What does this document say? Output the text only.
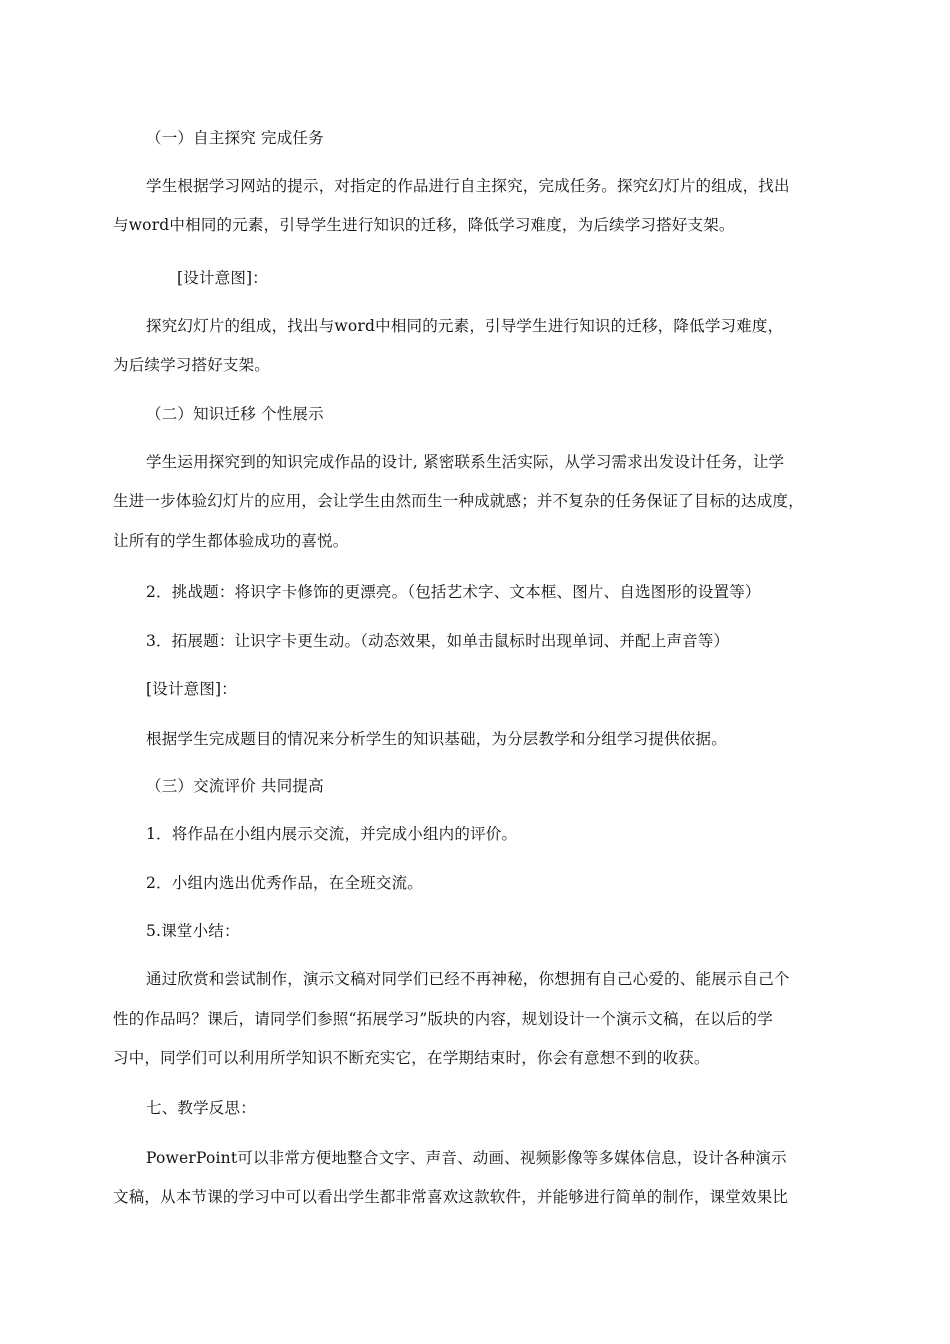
（一）自主探究 完成任务
学生根据学习网站的提示，对指定的作品进行自主探究，完成任务。探究幻灯片的组成，找出
与word中相同的元素，引导学生进行知识的迁移，降低学习难度，为后续学习搭好支架。
[设计意图]：
探究幻灯片的组成，找出与word中相同的元素，引导学生进行知识的迁移，降低学习难度，
为后续学习搭好支架。
（二）知识迁移 个性展示
学生运用探究到的知识完成作品的设计, 紧密联系生活实际，从学习需求出发设计任务，让学
生进一步体验幻灯片的应用，会让学生由然而生一种成就感；并不复杂的任务保证了目标的达成度，
让所有的学生都体验成功的喜悦。
2．挑战题：将识字卡修饰的更漂亮。（包括艺术字、文本框、图片、自选图形的设置等）
3．拓展题：让识字卡更生动。（动态效果，如单击鼠标时出现单词、并配上声音等）
[设计意图]：
根据学生完成题目的情况来分析学生的知识基础，为分层教学和分组学习提供依据。
（三）交流评价 共同提高
1．将作品在小组内展示交流，并完成小组内的评价。
2．小组内选出优秀作品，在全班交流。
5.课堂小结：
通过欣赏和尝试制作，演示文稿对同学们已经不再神秘，你想拥有自己心爱的、能展示自己个
性的作品吗？课后，请同学们参照“拓展学习”版块的内容，规划设计一个演示文稿，在以后的学
习中，同学们可以利用所学知识不断充实它，在学期结束时，你会有意想不到的收获。
七、教学反思：
PowerPoint可以非常方便地整合文字、声音、动画、视频影像等多媒体信息，设计各种演示
文稿，从本节课的学习中可以看出学生都非常喜欢这款软件，并能够进行简单的制作，课堂效果比
